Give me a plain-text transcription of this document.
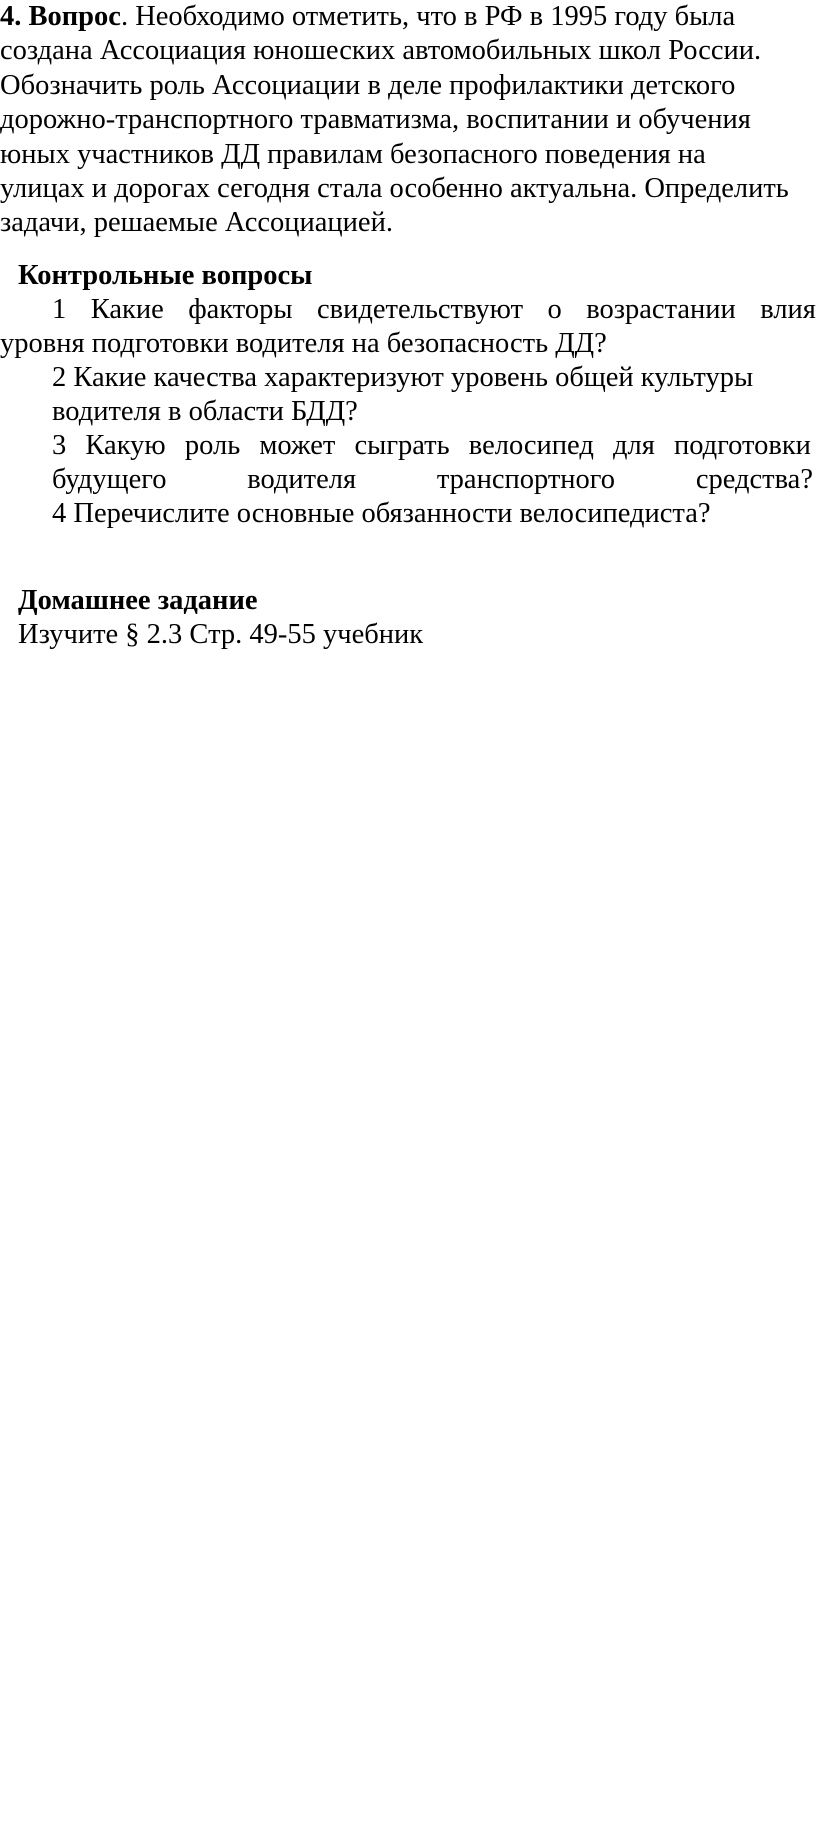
4. Вопрос. Необходимо отметить, что в РФ в 1995 году была создана Ассоциация юношеских автомобильных школ России. Обозначить роль Ассоциации в деле профилактики детского дорожно-транспортного травматизма, воспитании и обучения юных участников ДД правилам безопасного поведения на улицах и дорогах сегодня стала особенно актуальна. Определить задачи, решаемые Ассоциацией.
Контрольные вопросы
1 Какие факторы свидетельствуют о возрастании влия
уровня подготовки водителя на безопасность ДД?
2 Какие качества характеризуют уровень общей культуры
водителя в области БДД?
3 Какую роль может сыграть велосипед для подготовки
будущего	водителя	транспортного	средства?
4 Перечислите основные обязанности велосипедиста?
Домашнее задание
Изучите § 2.3 Стр. 49-55 учебник
